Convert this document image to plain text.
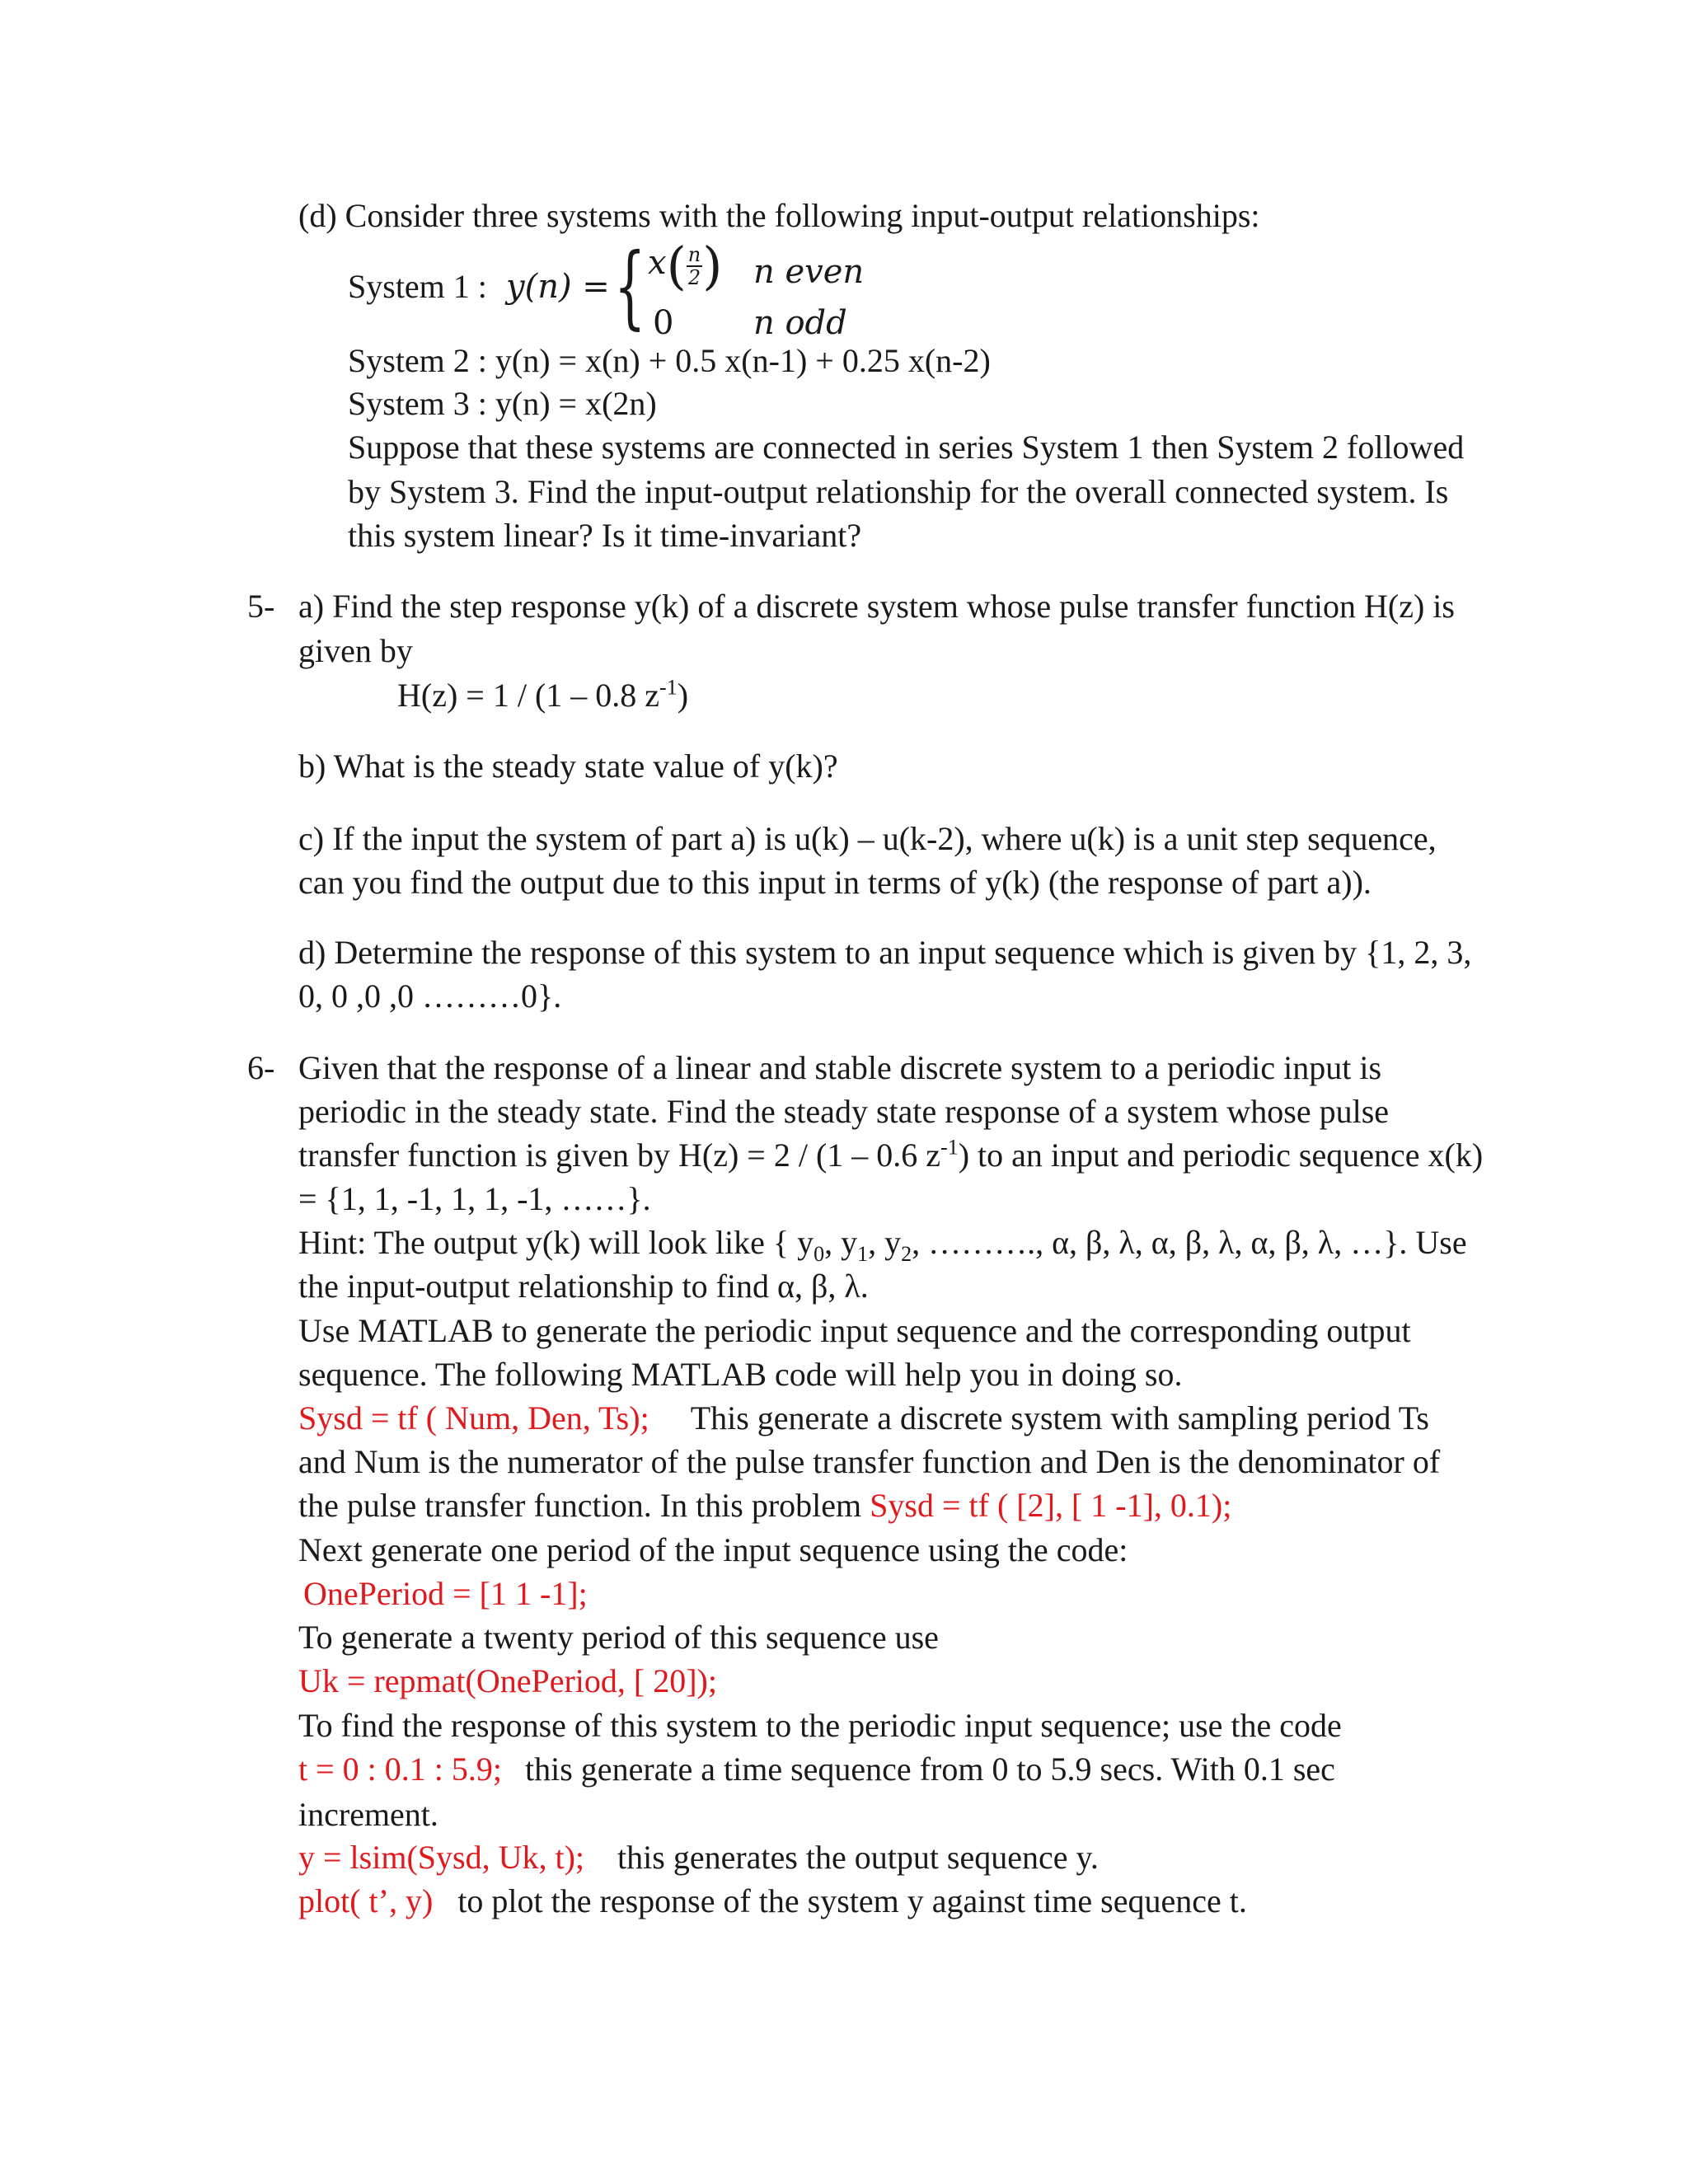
(d) Consider three systems with the following input-output relationships:
System 1 : y(n) = { $x( \frac{n}{2}$ ) n even
0 n odd
System 2 : y(n) = x(n) + 0.5 x(n-1) + 0.25 x(n-2)
System 3 : y(n) = x(2n)
Suppose that these systems are connected in series System 1 then System 2 followed
by System 3. Find the input-output relationship for the overall connected system. Is
this system linear? Is it time-invariant?
5- a) Find the step response y(k) of a discrete system whose pulse transfer function H(z) is
given by
H(z) = 1 / (1 – 0.8 $z^{-1}$)
b) What is the steady state value of y(k)?
c) If the input the system of part a) is u(k) – u(k-2), where u(k) is a unit step sequence,
can you find the output due to this input in terms of y(k) (the response of part a)).
d) Determine the response of this system to an input sequence which is given by {1, 2, 3,
0, 0 ,0 ,0 ………0}.
6- Given that the response of a linear and stable discrete system to a periodic input is
periodic in the steady state. Find the steady state response of a system whose pulse
transfer function is given by H(z) = 2 / (1 – 0.6 $z^{-1}$) to an input and periodic sequence x(k)
= {1, 1, -1, 1, 1, -1, ……}.
Hint: The output y(k) will look like { $y_0$, $y_1$, $y_2$, ………., α, β, λ, α, β, λ, α, β, λ, …}. Use
the input-output relationship to find α, β, λ.
Use MATLAB to generate the periodic input sequence and the corresponding output
sequence. The following MATLAB code will help you in doing so.
Sysd = tf ( Num, Den, Ts); This generate a discrete system with sampling period Ts
and Num is the numerator of the pulse transfer function and Den is the denominator of
the pulse transfer function. In this problem Sysd = tf ( [2], [ 1 -1], 0.1);
Next generate one period of the input sequence using the code:
OnePeriod = [1 1 -1];
To generate a twenty period of this sequence use
Uk = repmat(OnePeriod, [ 20]);
To find the response of this system to the periodic input sequence; use the code
t = 0 : 0.1 : 5.9; this generate a time sequence from 0 to 5.9 secs. With 0.1 sec
increment.
y = lsim(Sysd, Uk, t); this generates the output sequence y.
plot( t’, y) to plot the response of the system y against time sequence t.
